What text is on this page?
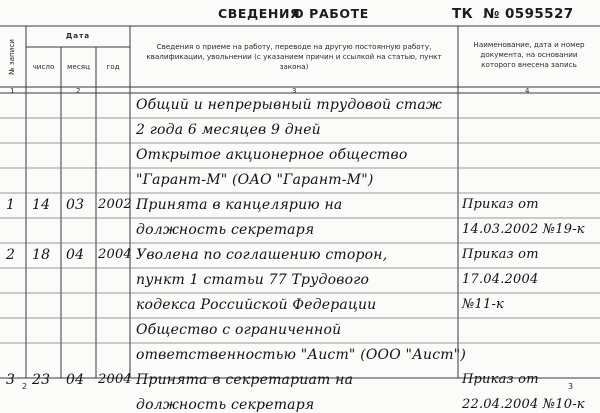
СВЕДЕНИЯ
О РАБОТЕ	ТК № 0595527
№ записи
Дата
число	месяц	год
Сведения о приеме на работу, переводе на другую постоянную работу, квалификации, увольнении (с указанием причин и ссылкой на статью, пункт закона)
Наименование, дата и номер документа, на основании которого внесена запись
1	2	3	4
Общий и непрерывный трудовой стаж
2 года 6 месяцев 9 дней
Открытое акционерное общество
"Гарант-М" (ОАО "Гарант-М")
1 14 03 2002 Принята в канцелярию на	Приказ от
должность секретаря	14.03.2002 №19-к
2 18 04 2004 Уволена по соглашению сторон,	Приказ от
пункт 1 статьи 77 Трудового	17.04.2004
кодекса Российской Федерации	№11-к
Общество с ограниченной
ответственностью "Аист" (ООО "Аист")
3 23 04 2004 Принята в секретариат на	Приказ от
должность секретаря	22.04.2004 №10-к
2	3
